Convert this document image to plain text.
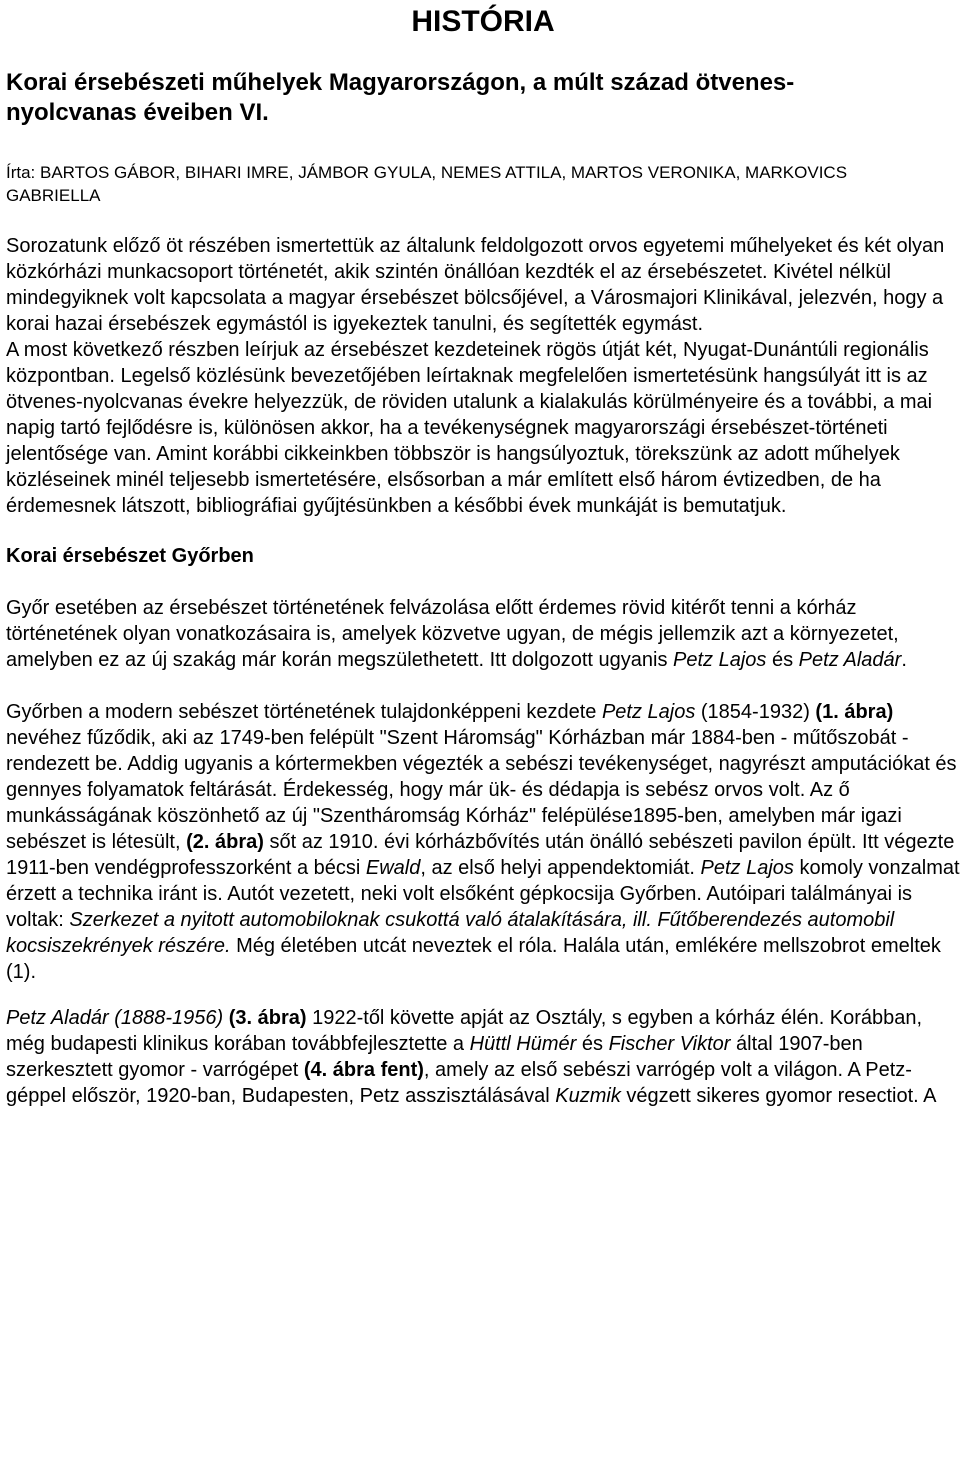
HISTÓRIA
Korai érsebészeti műhelyek Magyarországon, a múlt század ötvenes-nyolcvanas éveiben VI.
Írta: BARTOS GÁBOR, BIHARI IMRE, JÁMBOR GYULA, NEMES ATTILA, MARTOS VERONIKA, MARKOVICS GABRIELLA

Sorozatunk előző öt részében ismertettük az általunk feldolgozott orvos egyetemi műhelyeket és két olyan közkórházi munkacsoport történetét, akik szintén önállóan kezdték el az érsebészetet. Kivétel nélkül mindegyiknek volt kapcsolata a magyar érsebészet bölcsőjével, a Városmajori Klinikával, jelezvén, hogy a korai hazai érsebészek egymástól is igyekeztek tanulni, és segítették egymást.

A most következő részben leírjuk az érsebészet kezdeteinek rögös útját két, Nyugat-Dunántúli regionális központban. Legelső közlésünk bevezetőjében leírtaknak megfelelően ismertetésünk hangsúlyát itt is az ötvenes-nyolcvanas évekre helyezzük, de röviden utalunk a kialakulás körülményeire és a további, a mai napig tartó fejlődésre is, különösen akkor, ha a tevékenységnek magyarországi érsebészet-történeti jelentősége van. Amint korábbi cikkeinkben többször is hangsúlyoztuk, törekszünk az adott műhelyek közléseinek minél teljesebb ismertetésére, elsősorban a már említett első három évtizedben, de ha érdemesnek látszott, bibliográfiai gyűjtésünkben a későbbi évek munkáját is bemutatjuk.

Korai érsebészet Győrben

Győr esetében az érsebészet történetének felvázolása előtt érdemes rövid kitérőt tenni a kórház történetének olyan vonatkozásaira is, amelyek közvetve ugyan, de mégis jellemzik azt a környezetet, amelyben ez az új szakág már korán megszülethetett. Itt dolgozott ugyanis Petz Lajos és Petz Aladár.

Győrben a modern sebészet történetének tulajdonképpeni kezdete Petz Lajos (1854-1932) (1. ábra) nevéhez fűződik, aki az 1749-ben felépült "Szent Háromság" Kórházban már 1884-ben - műtőszobát - rendezett be. Addig ugyanis a kórtermekben végezték a sebészi tevékenységet, nagyrészt amputációkat és gennyes folyamatok feltárását. Érdekesség, hogy már ük- és dédapja is sebész orvos volt. Az ő munkásságának köszönhető az új "Szentháromság Kórház" felépülése1895-ben, amelyben már igazi sebészet is létesült, (2. ábra) sőt az 1910. évi kórházbővítés után önálló sebészeti pavilon épült. Itt végezte 1911-ben vendégprofesszorként a bécsi Ewald, az első helyi appendektomiát. Petz Lajos komoly vonzalmat érzett a technika iránt is. Autót vezetett, neki volt elsőként gépkocsija Győrben. Autóipari találmányai is voltak: Szerkezet a nyitott automobiloknak csukottá való átalakítására, ill. Fűtőberendezés automobil kocsiszekrények részére. Még életében utcát neveztek el róla. Halála után, emlékére mellszobrot emeltek (1).

Petz Aladár (1888-1956) (3. ábra) 1922-től követte apját az Osztály, s egyben a kórház élén. Korábban, még budapesti klinikus korában továbbfejlesztette a Hüttl Hümér és Fischer Viktor által 1907-ben szerkesztett gyomor - varrógépet (4. ábra fent), amely az első sebészi varrógép volt a világon. A Petz-géppel először, 1920-ban, Budapesten, Petz asszisztálásával Kuzmik végzett sikeres gyomor resectiot. A
